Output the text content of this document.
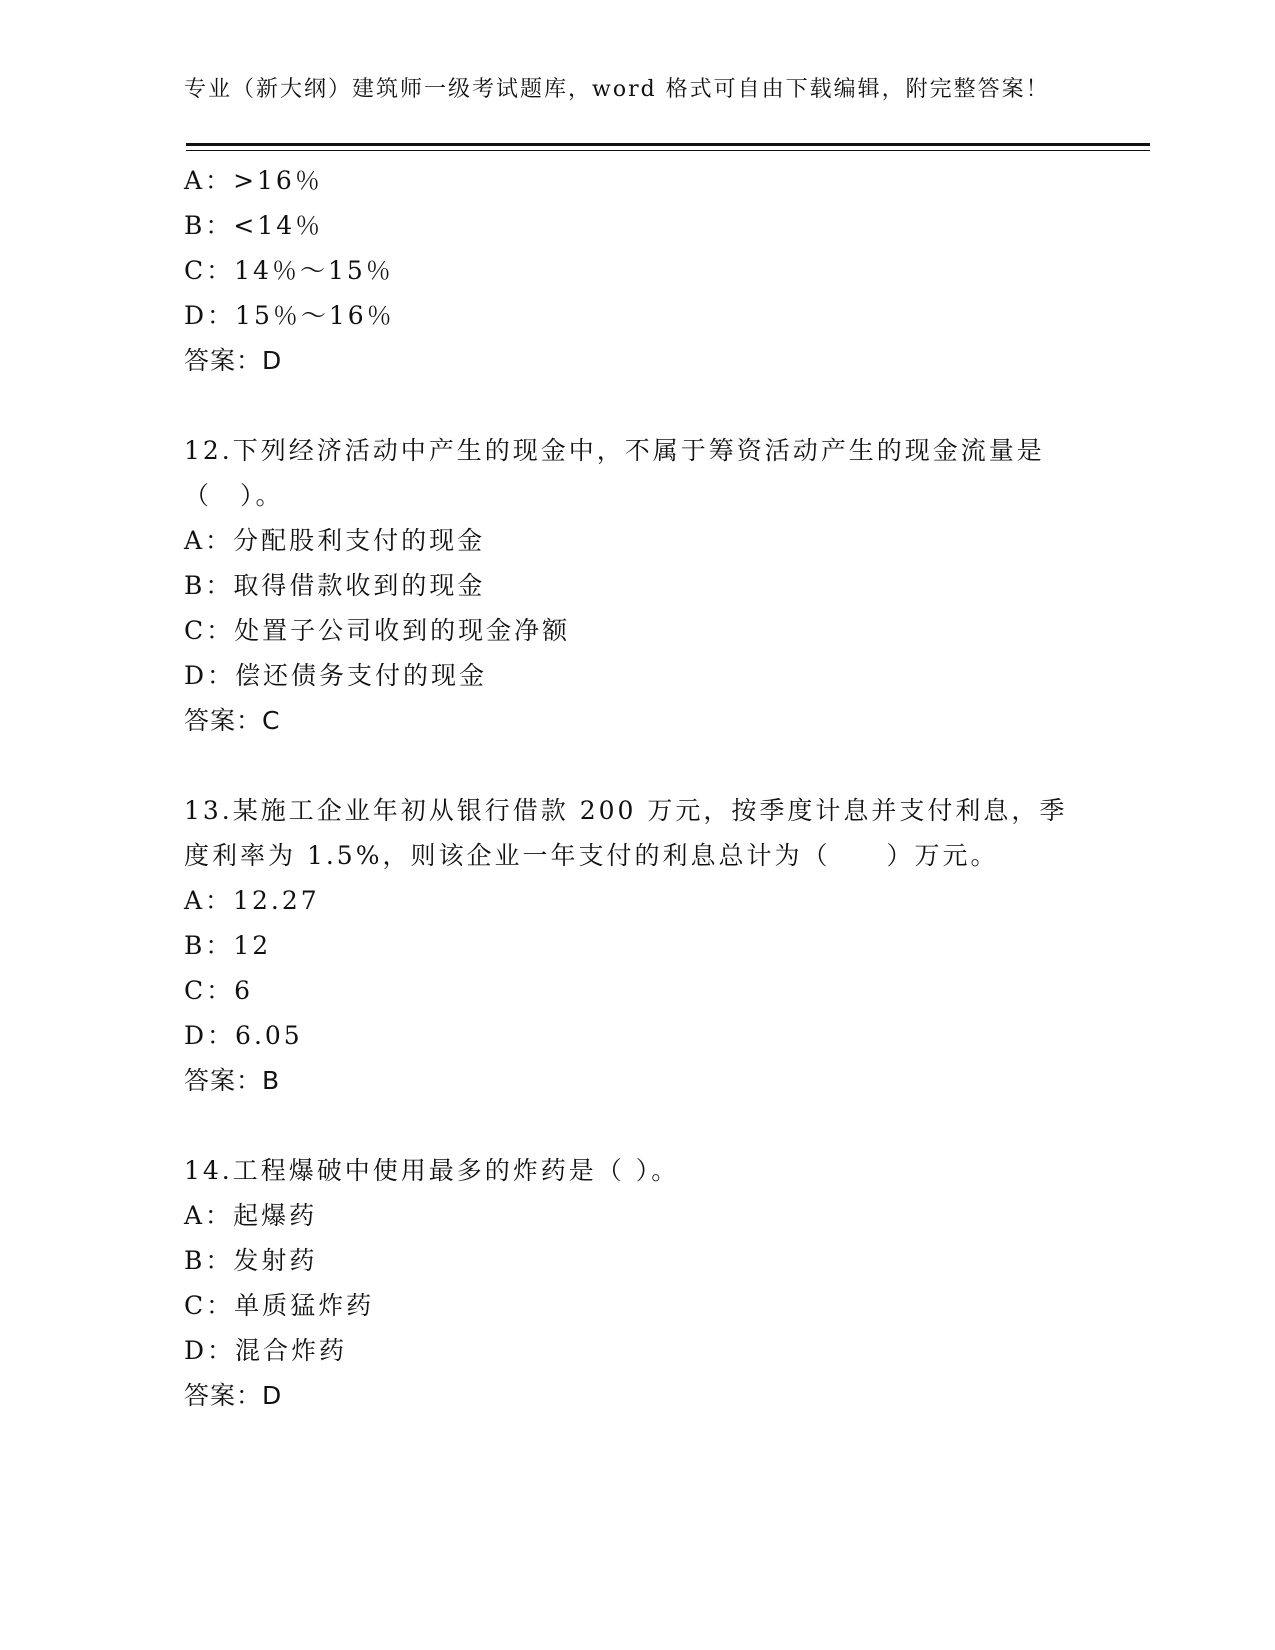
专业（新大纲）建筑师一级考试题库，word 格式可自由下载编辑，附完整答案！
A：>16％
B：<14％
C：14％～15％
D：15％～16％
答案：D
12.下列经济活动中产生的现金中，不属于筹资活动产生的现金流量是
（　）。
A：分配股利支付的现金
B：取得借款收到的现金
C：处置子公司收到的现金净额
D：偿还债务支付的现金
答案：C
13.某施工企业年初从银行借款 200 万元，按季度计息并支付利息，季
度利率为 1.5%，则该企业一年支付的利息总计为（　　）万元。
A：12.27
B：12
C：6
D：6.05
答案：B
14.工程爆破中使用最多的炸药是（ ）。
A：起爆药
B：发射药
C：单质猛炸药
D：混合炸药
答案：D
